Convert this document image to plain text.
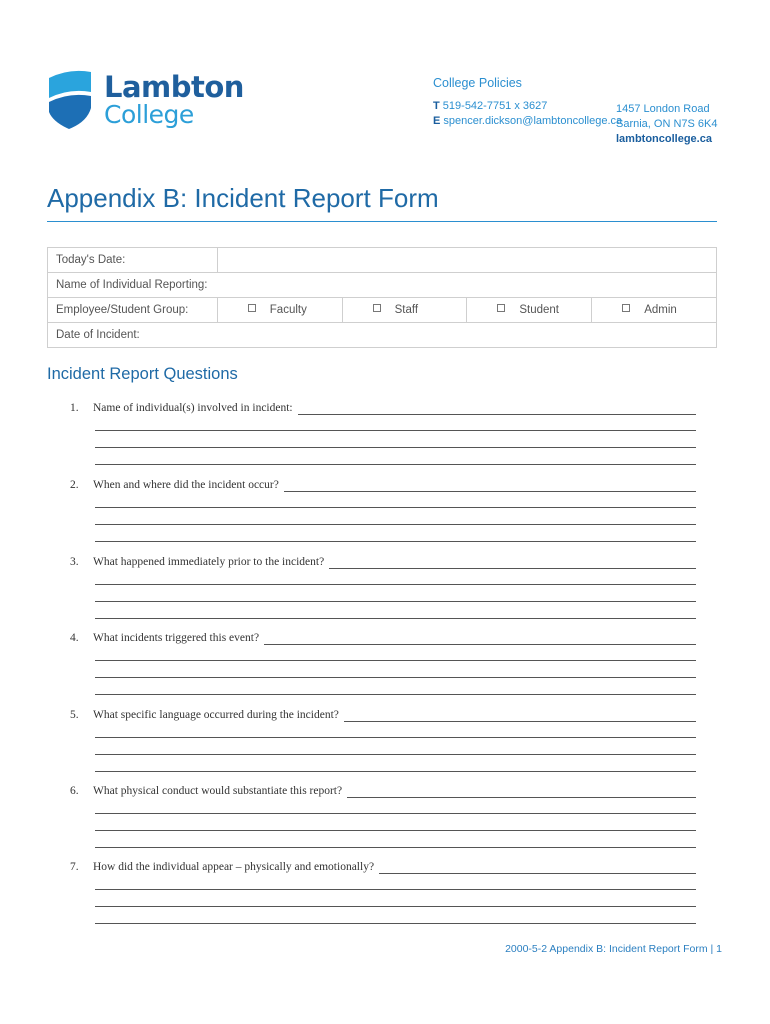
Lambton
College
College Policies
T 519-542-7751 x 3627
E spencer.dickson@lambtoncollege.ca
1457 London Road
Sarnia, ON N7S 6K4
lambtoncollege.ca
Appendix B: Incident Report Form
Today's Date:				
Name of Individual Reporting:				
Employee/Student Group:	Faculty	Staff	Student	Admin
Date of Incident:				
Incident Report Questions
1. Name of individual(s) involved in incident:
2. When and where did the incident occur?
3. What happened immediately prior to the incident?
4. What incidents triggered this event?
5. What specific language occurred during the incident?
6. What physical conduct would substantiate this report?
7. How did the individual appear – physically and emotionally?
2000-5-2 Appendix B: Incident Report Form | 1
